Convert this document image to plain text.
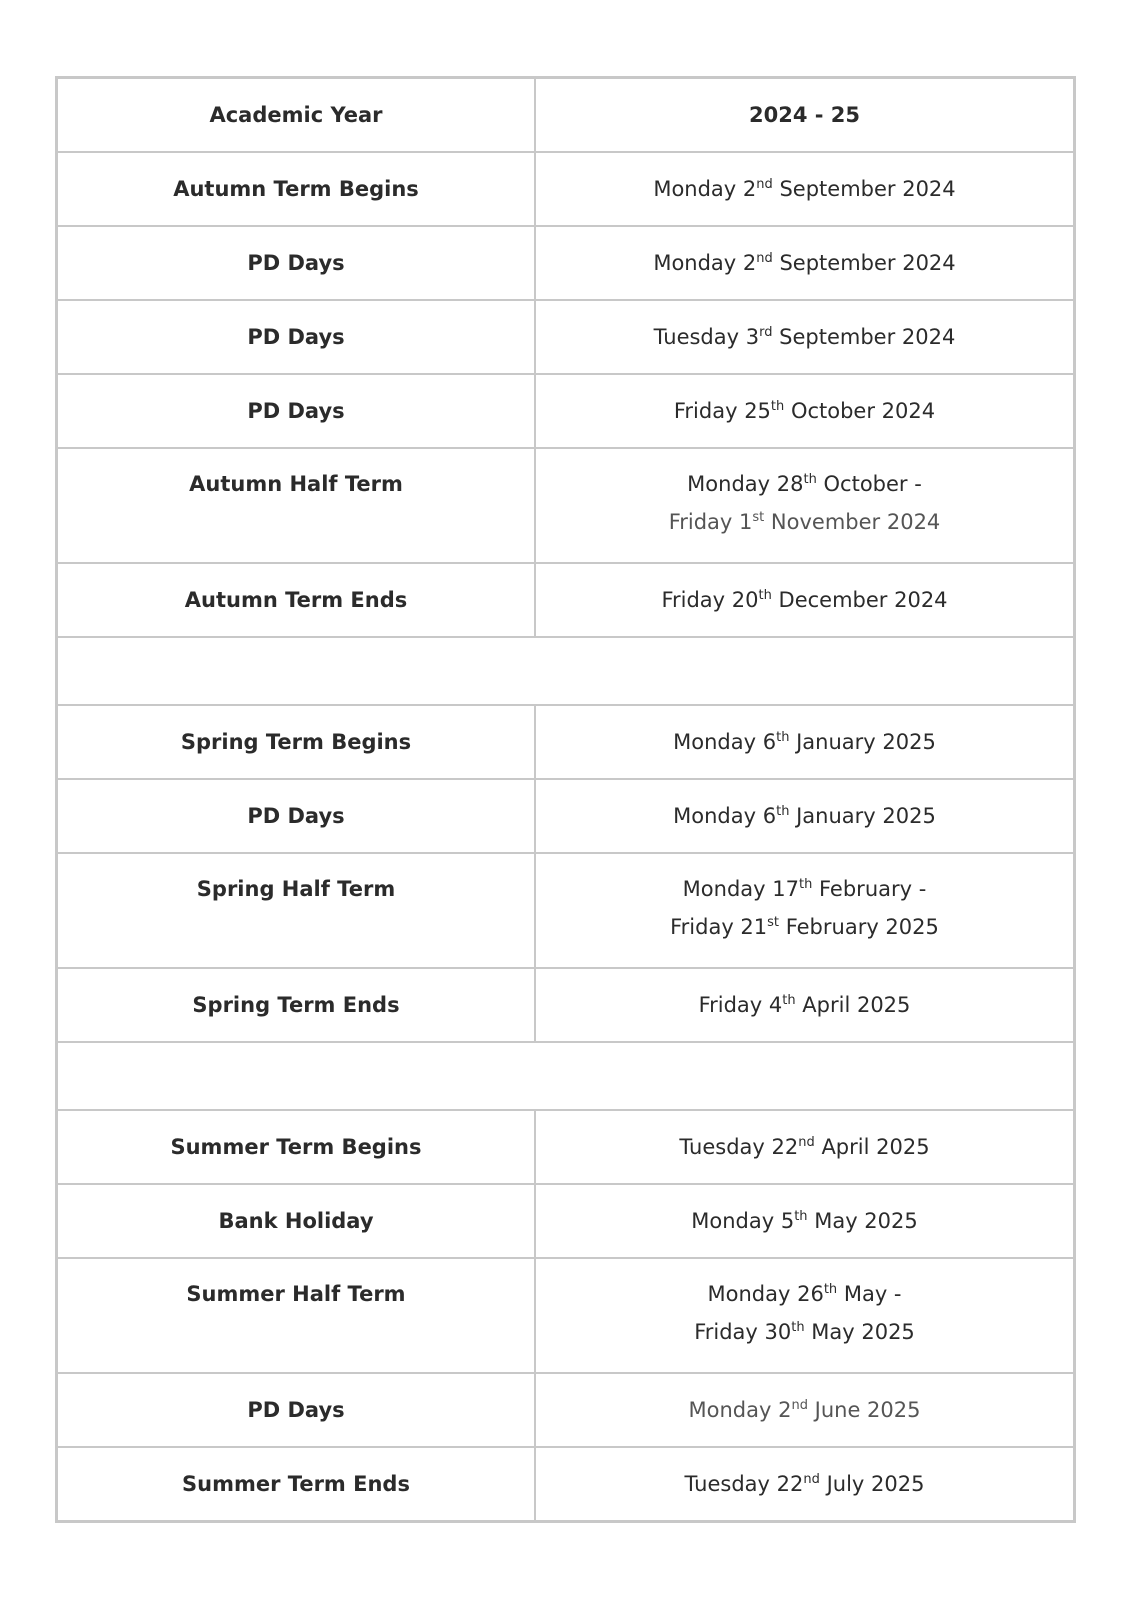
Academic Year	2024 - 25

Autumn Term Begins	Monday 2nd September 2024

PD Days	Monday 2nd September 2024

PD Days	Tuesday 3rd September 2024

PD Days	Friday 25th October 2024

Autumn Half Term	Monday 28th October -
Friday 1st November 2024

Autumn Term Ends	Friday 20th December 2024

Spring Term Begins	Monday 6th January 2025

PD Days	Monday 6th January 2025

Spring Half Term	Monday 17th February -
Friday 21st February 2025

Spring Term Ends	Friday 4th April 2025

Summer Term Begins	Tuesday 22nd April 2025

Bank Holiday	Monday 5th May 2025

Summer Half Term	Monday 26th May -
Friday 30th May 2025

PD Days	Monday 2nd June 2025

Summer Term Ends	Tuesday 22nd July 2025
